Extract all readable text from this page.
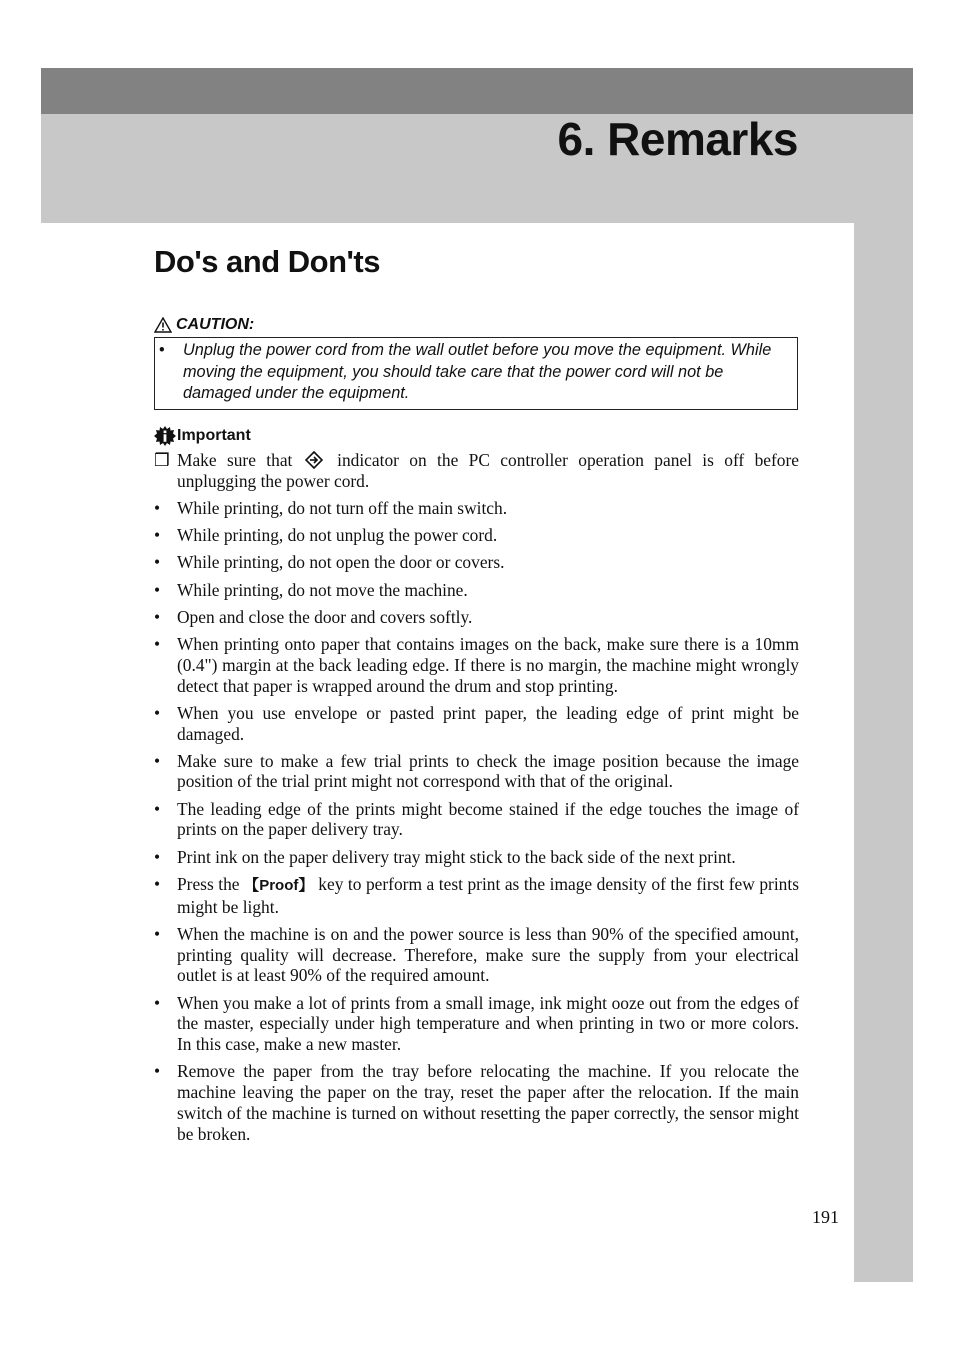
6. Remarks
Do's and Don'ts
CAUTION:
•	Unplug the power cord from the wall outlet before you move the equipment. While moving the equipment, you should take care that the power cord will not be damaged under the equipment.
Important
❒ Make sure that	indicator on the PC controller operation panel is off before unplugging the power cord.
• While printing, do not turn off the main switch.
• While printing, do not unplug the power cord.
• While printing, do not open the door or covers.
• While printing, do not move the machine.
• Open and close the door and covers softly.
• When printing onto paper that contains images on the back, make sure there is a 10mm (0.4") margin at the back leading edge. If there is no margin, the machine might wrongly detect that paper is wrapped around the drum and stop printing.
• When you use envelope or pasted print paper, the leading edge of print might be damaged.
• Make sure to make a few trial prints to check the image position because the image position of the trial print might not correspond with that of the original.
• The leading edge of the prints might become stained if the edge touches the image of prints on the paper delivery tray.
• Print ink on the paper delivery tray might stick to the back side of the next print.
• Press the 【Proof】 key to perform a test print as the image density of the first few prints might be light.
• When the machine is on and the power source is less than 90% of the specified amount, printing quality will decrease. Therefore, make sure the supply from your electrical outlet is at least 90% of the required amount.
• When you make a lot of prints from a small image, ink might ooze out from the edges of the master, especially under high temperature and when printing in two or more colors. In this case, make a new master.
• Remove the paper from the tray before relocating the machine. If you relocate the machine leaving the paper on the tray, reset the paper after the relocation. If the main switch of the machine is turned on without resetting the paper correctly, the sensor might be broken.
191
